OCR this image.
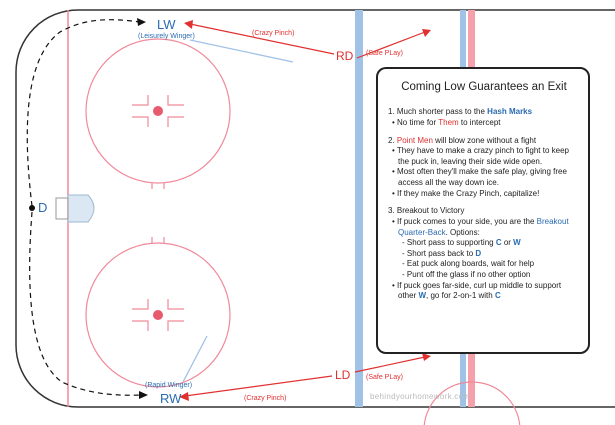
LW
(Leisurely Winger)
RW
(Rapid Winger)
D
RD
LD
(Crazy Pinch)
(Crazy Pinch)
(Safe PLay)
(Safe PLay)
Coming Low Guarantees an Exit
1. Much shorter pass to the Hash Marks
• No time for Them to intercept
2. Point Men will blow zone without a fight
• They have to make a crazy pinch to fight to keep the puck in, leaving their side wide open.
• Most often they'll make the safe play, giving free access all the way down ice.
• If they make the Crazy Pinch, capitalize!
3. Breakout to Victory
• If puck comes to your side, you are the Breakout Quarter-Back. Options:
- Short pass to supporting C or W
- Short pass back to D
- Eat puck along boards, wait for help
- Punt off the glass if no other option
• If puck goes far-side, curl up middle to support other W, go for 2-on-1 with C
behindyourhomework.com
